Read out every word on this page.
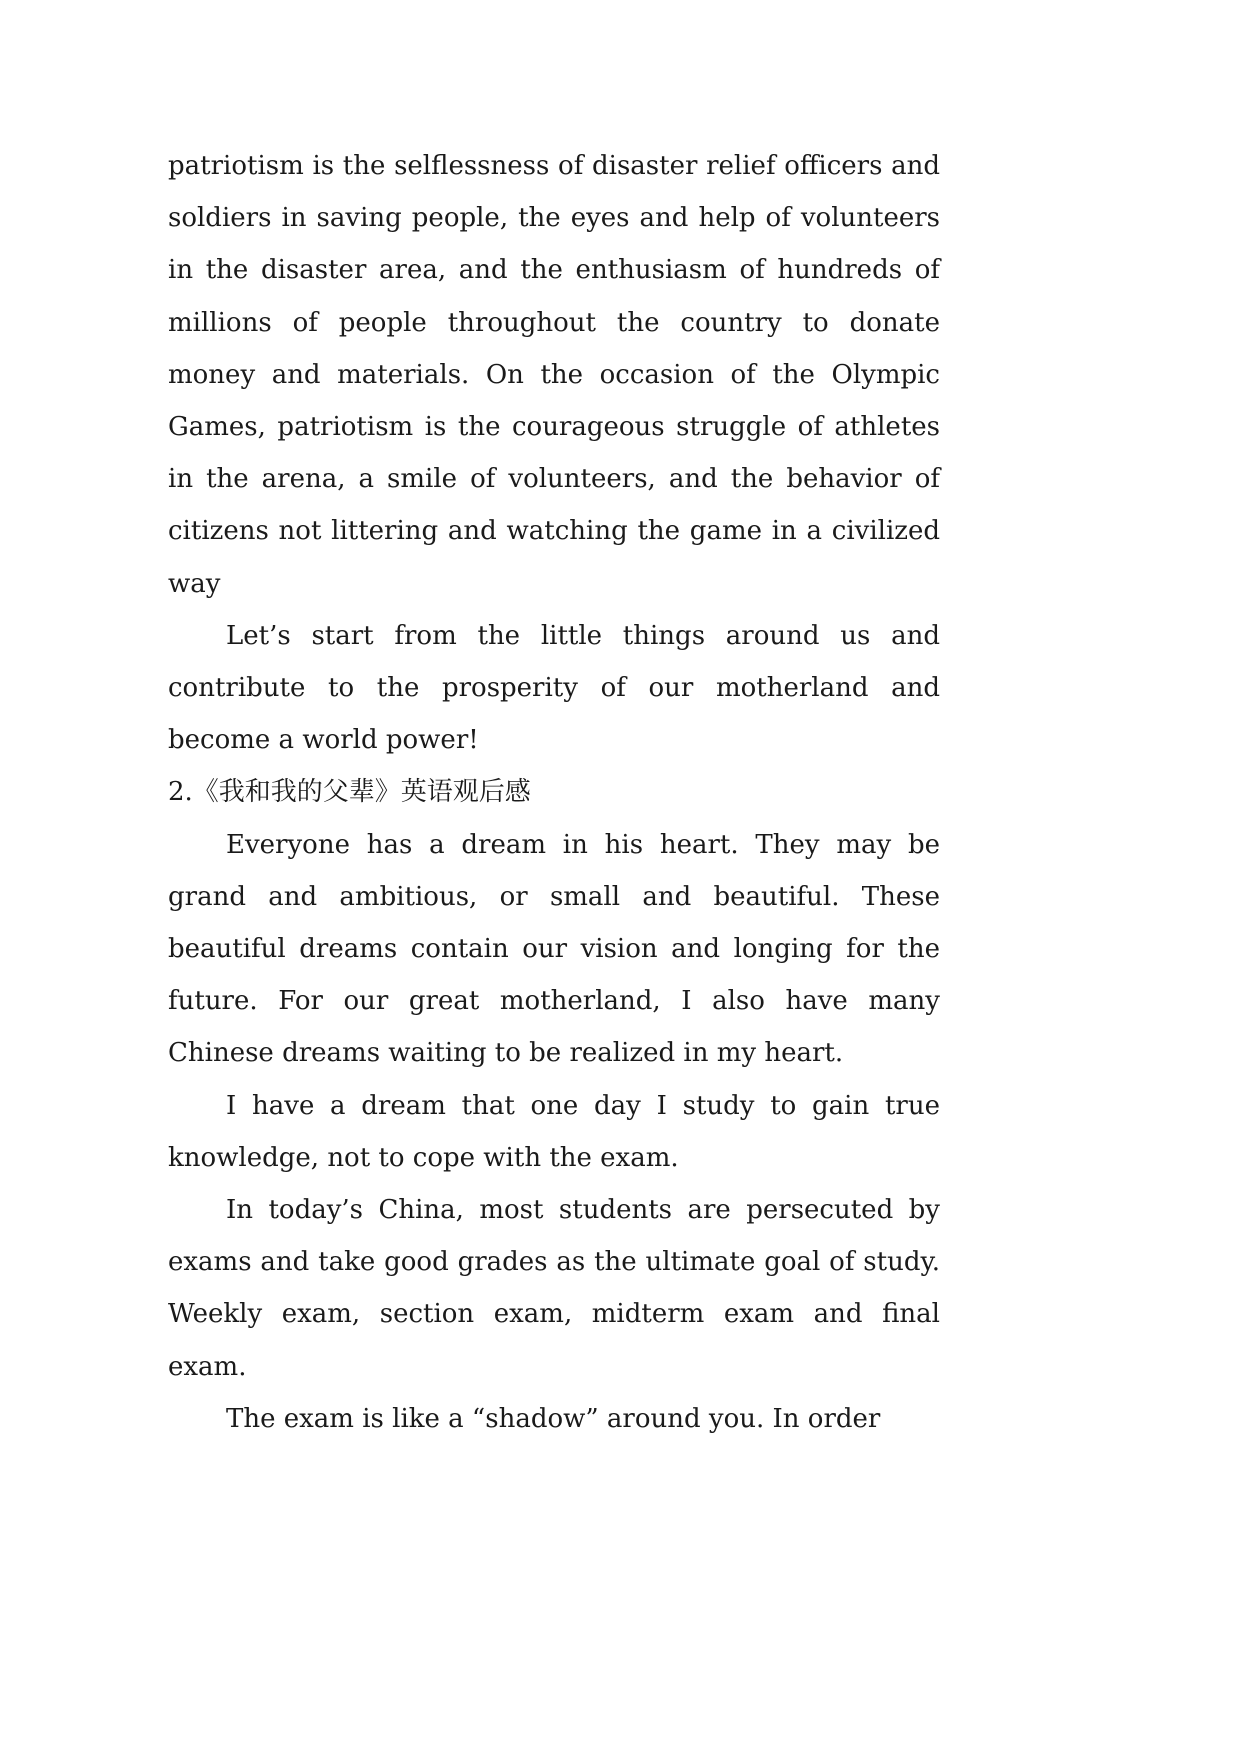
patriotism is the selflessness of disaster relief officers and soldiers in saving people, the eyes and help of volunteers in the disaster area, and the enthusiasm of hundreds of millions of people throughout the country to donate money and materials. On the occasion of the Olympic Games, patriotism is the courageous struggle of athletes in the arena, a smile of volunteers, and the behavior of citizens not littering and watching the game in a civilized way

Let’s start from the little things around us and contribute to the prosperity of our motherland and become a world power!

2.《我和我的父辈》英语观后感

Everyone has a dream in his heart. They may be grand and ambitious, or small and beautiful. These beautiful dreams contain our vision and longing for the future. For our great motherland, I also have many Chinese dreams waiting to be realized in my heart.

I have a dream that one day I study to gain true knowledge, not to cope with the exam.

In today’s China, most students are persecuted by exams and take good grades as the ultimate goal of study. Weekly exam, section exam, midterm exam and final exam.

The exam is like a “shadow” around you. In order
